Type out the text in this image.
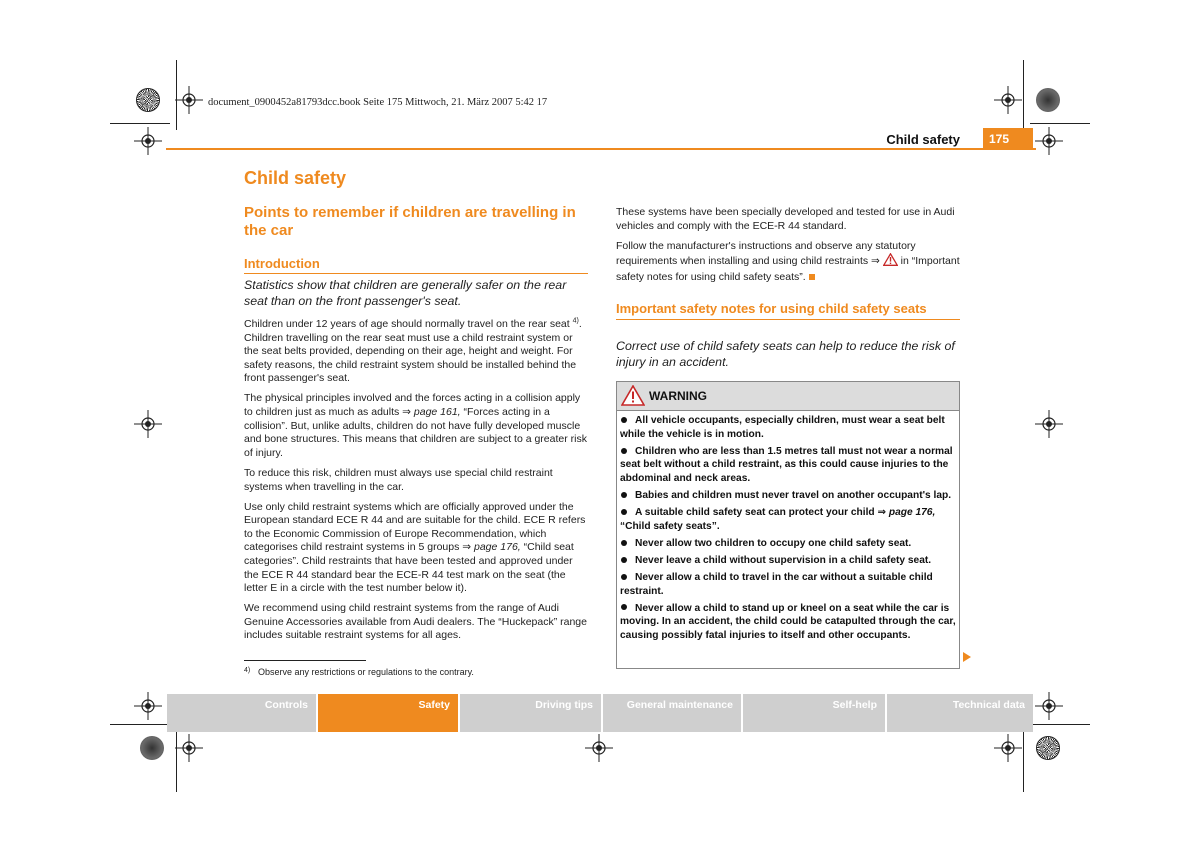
document_0900452a81793dcc.book Seite 175 Mittwoch, 21. März 2007 5:42 17
Child safety	175
Child safety
Points to remember if children are travelling in the car
Introduction
Statistics show that children are generally safer on the rear seat than on the front passenger's seat.

Children under 12 years of age should normally travel on the rear seat $^{4)}$. Children travelling on the rear seat must use a child restraint system or the seat belts provided, depending on their age, height and weight. For safety reasons, the child restraint system should be installed behind the front passenger's seat.

The physical principles involved and the forces acting in a collision apply to children just as much as adults ⇒ page 161, “Forces acting in a collision”. But, unlike adults, children do not have fully developed muscle and bone structures. This means that children are subject to a greater risk of injury.

To reduce this risk, children must always use special child restraint systems when travelling in the car.

Use only child restraint systems which are officially approved under the European standard ECE R 44 and are suitable for the child. ECE R refers to the Economic Commission of Europe Recommendation, which categorises child restraint systems in 5 groups ⇒ page 176, “Child seat categories”. Child restraints that have been tested and approved under the ECE R 44 standard bear the ECE-R 44 test mark on the seat (the letter E in a circle with the test number below it).

We recommend using child restraint systems from the range of Audi Genuine Accessories available from Audi dealers. The “Huckepack” range includes suitable restraint systems for all ages.

4) Observe any restrictions or regulations to the contrary.

These systems have been specially developed and tested for use in Audi vehicles and comply with the ECE-R 44 standard.

Follow the manufacturer's instructions and observe any statutory requirements when installing and using child restraints ⇒  in “Important safety notes for using child safety seats”.

Important safety notes for using child safety seats
Correct use of child safety seats can help to reduce the risk of injury in an accident.
WARNING
All vehicle occupants, especially children, must wear a seat belt while the vehicle is in motion.
Children who are less than 1.5 metres tall must not wear a normal seat belt without a child restraint, as this could cause injuries to the abdominal and neck areas.
Babies and children must never travel on another occupant's lap.
A suitable child safety seat can protect your child ⇒ page 176, “Child safety seats”.
Never allow two children to occupy one child safety seat.
Never leave a child without supervision in a child safety seat.
Never allow a child to travel in the car without a suitable child restraint.
Never allow a child to stand up or kneel on a seat while the car is moving. In an accident, the child could be catapulted through the car, causing possibly fatal injuries to itself and other occupants.
Controls	Safety	Driving tips	General maintenance	Self-help	Technical data
